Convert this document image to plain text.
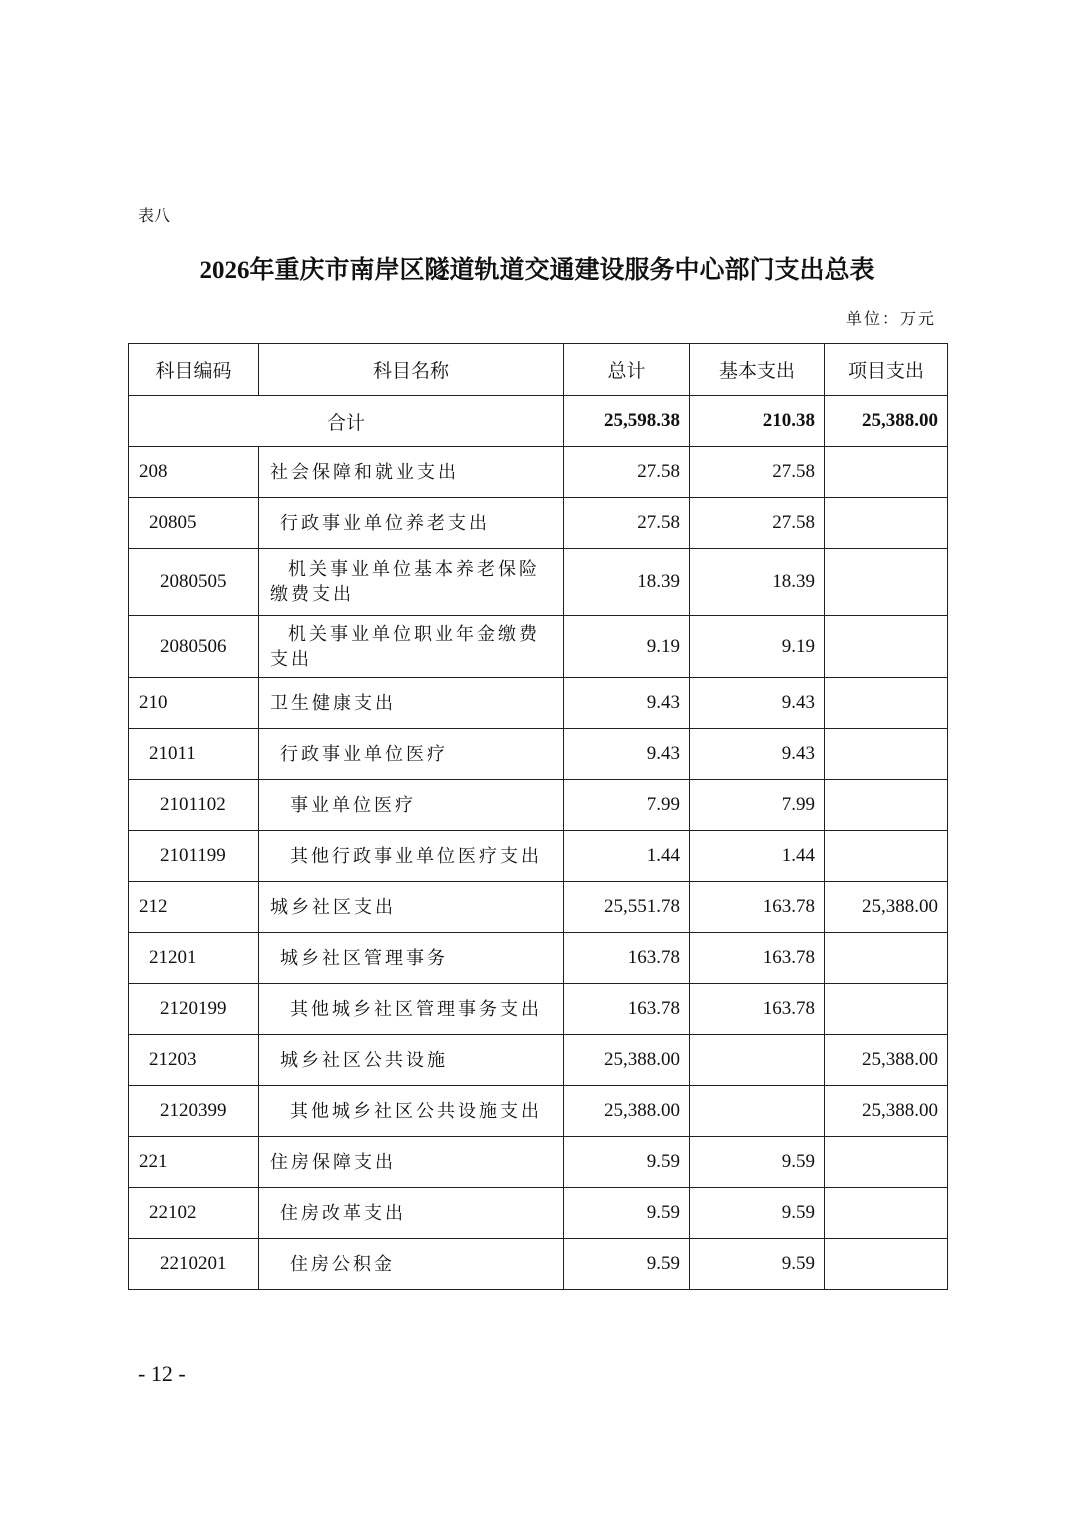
表八
2026年重庆市南岸区隧道轨道交通建设服务中心部门支出总表
单位：万元
科目编码	科目名称	总计	基本支出	项目支出
合计		25,598.38	210.38	25,388.00
208	社会保障和就业支出	27.58	27.58	
20805	行政事业单位养老支出	27.58	27.58	
2080505	机关事业单位基本养老保险缴费支出	18.39	18.39	
2080506	机关事业单位职业年金缴费支出	9.19	9.19	
210	卫生健康支出	9.43	9.43	
21011	行政事业单位医疗	9.43	9.43	
2101102	事业单位医疗	7.99	7.99	
2101199	其他行政事业单位医疗支出	1.44	1.44	
212	城乡社区支出	25,551.78	163.78	25,388.00
21201	城乡社区管理事务	163.78	163.78	
2120199	其他城乡社区管理事务支出	163.78	163.78	
21203	城乡社区公共设施	25,388.00		25,388.00
2120399	其他城乡社区公共设施支出	25,388.00		25,388.00
221	住房保障支出	9.59	9.59	
22102	住房改革支出	9.59	9.59	
2210201	住房公积金	9.59	9.59	
- 12 -
